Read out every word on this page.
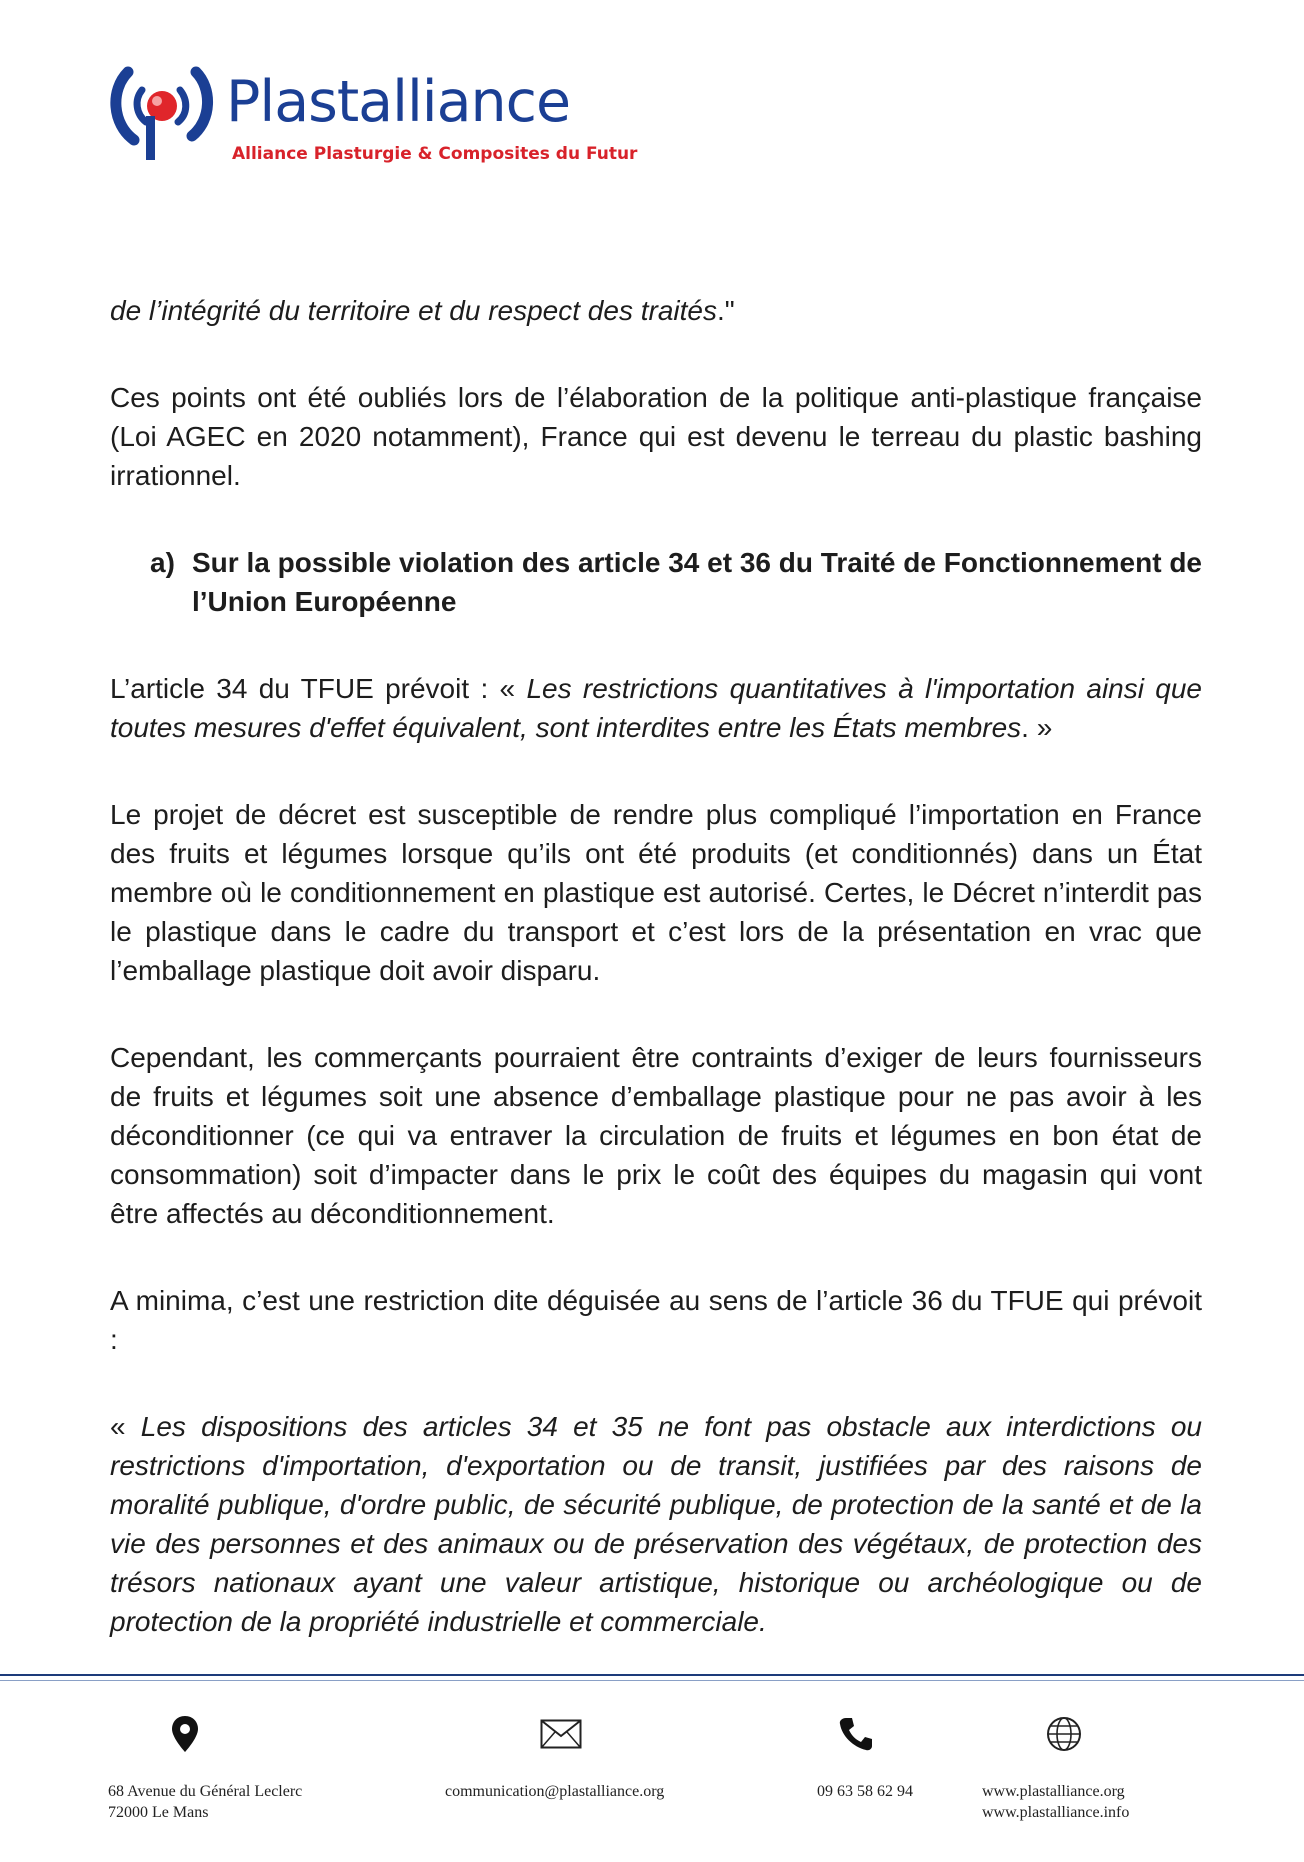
Plastalliance
Alliance Plasturgie & Composites du Futur

de l’intégrité du territoire et du respect des traités."

Ces points ont été oubliés lors de l’élaboration de la politique anti-plastique française (Loi AGEC en 2020 notamment), France qui est devenu le terreau du plastic bashing irrationnel.

a) Sur la possible violation des article 34 et 36 du Traité de Fonctionnement de l’Union Européenne

L’article 34 du TFUE prévoit : « Les restrictions quantitatives à l'importation ainsi que toutes mesures d'effet équivalent, sont interdites entre les États membres. »

Le projet de décret est susceptible de rendre plus compliqué l’importation en France des fruits et légumes lorsque qu’ils ont été produits (et conditionnés) dans un État membre où le conditionnement en plastique est autorisé. Certes, le Décret n’interdit pas le plastique dans le cadre du transport et c’est lors de la présentation en vrac que l’emballage plastique doit avoir disparu.

Cependant, les commerçants pourraient être contraints d’exiger de leurs fournisseurs de fruits et légumes soit une absence d’emballage plastique pour ne pas avoir à les déconditionner (ce qui va entraver la circulation de fruits et légumes en bon état de consommation) soit d’impacter dans le prix le coût des équipes du magasin qui vont être affectés au déconditionnement.

A minima, c’est une restriction dite déguisée au sens de l’article 36 du TFUE qui prévoit :

« Les dispositions des articles 34 et 35 ne font pas obstacle aux interdictions ou restrictions d'importation, d'exportation ou de transit, justifiées par des raisons de moralité publique, d'ordre public, de sécurité publique, de protection de la santé et de la vie des personnes et des animaux ou de préservation des végétaux, de protection des trésors nationaux ayant une valeur artistique, historique ou archéologique ou de protection de la propriété industrielle et commerciale.

68 Avenue du Général Leclerc
72000 Le Mans
communication@plastalliance.org	09 63 58 62 94	www.plastalliance.org
www.plastalliance.info
